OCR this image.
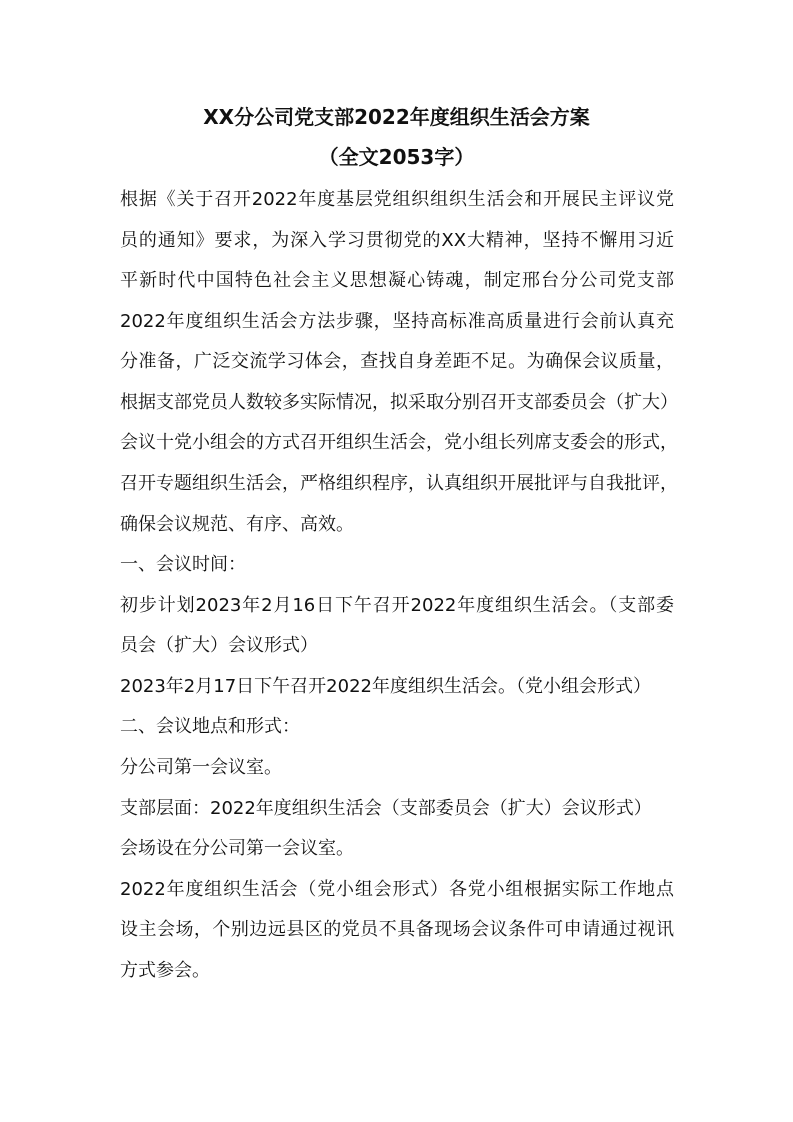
XX分公司党支部2022年度组织生活会方案
（全文2053字）
根据《关于召开2022年度基层党组织组织生活会和开展民主评议党
员的通知》要求，为深入学习贯彻党的XX大精神，坚持不懈用习近
平新时代中国特色社会主义思想凝心铸魂，制定邢台分公司党支部
2022年度组织生活会方法步骤，坚持高标准高质量进行会前认真充
分准备，广泛交流学习体会，查找自身差距不足。为确保会议质量，
根据支部党员人数较多实际情况，拟采取分别召开支部委员会（扩大）
会议十党小组会的方式召开组织生活会，党小组长列席支委会的形式，
召开专题组织生活会，严格组织程序，认真组织开展批评与自我批评，
确保会议规范、有序、高效。
一、会议时间：
初步计划2023年2月16日下午召开2022年度组织生活会。（支部委
员会（扩大）会议形式）
2023年2月17日下午召开2022年度组织生活会。（党小组会形式）
二、会议地点和形式：
分公司第一会议室。
支部层面：2022年度组织生活会（支部委员会（扩大）会议形式）
会场设在分公司第一会议室。
2022年度组织生活会（党小组会形式）各党小组根据实际工作地点
设主会场，个别边远县区的党员不具备现场会议条件可申请通过视讯
方式参会。
